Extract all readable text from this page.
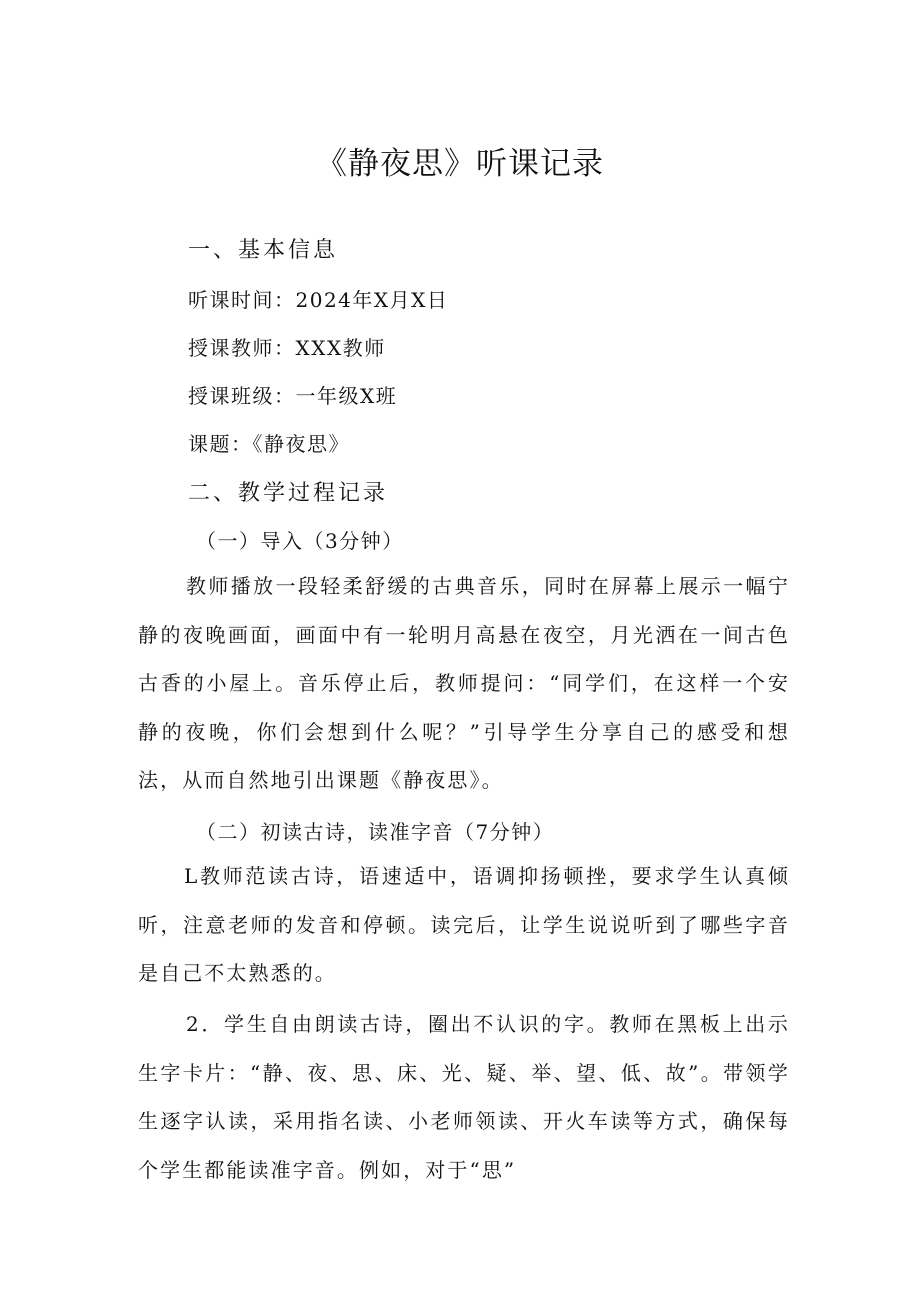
《静夜思》听课记录

一、基本信息

听课时间：2024年X月X日

授课教师：XXX教师

授课班级：一年级X班

课题：《静夜思》

二、教学过程记录

（一）导入（3分钟）

教师播放一段轻柔舒缓的古典音乐，同时在屏幕上展示一幅宁静的夜晚画面，画面中有一轮明月高悬在夜空，月光洒在一间古色古香的小屋上。音乐停止后，教师提问：“同学们，在这样一个安静的夜晚，你们会想到什么呢？”引导学生分享自己的感受和想法，从而自然地引出课题《静夜思》。

（二）初读古诗，读准字音（7分钟）

L教师范读古诗，语速适中，语调抑扬顿挫，要求学生认真倾听，注意老师的发音和停顿。读完后，让学生说说听到了哪些字音是自己不太熟悉的。

2．学生自由朗读古诗，圈出不认识的字。教师在黑板上出示生字卡片：“静、夜、思、床、光、疑、举、望、低、故”。带领学生逐字认读，采用指名读、小老师领读、开火车读等方式，确保每个学生都能读准字音。例如，对于“思”
